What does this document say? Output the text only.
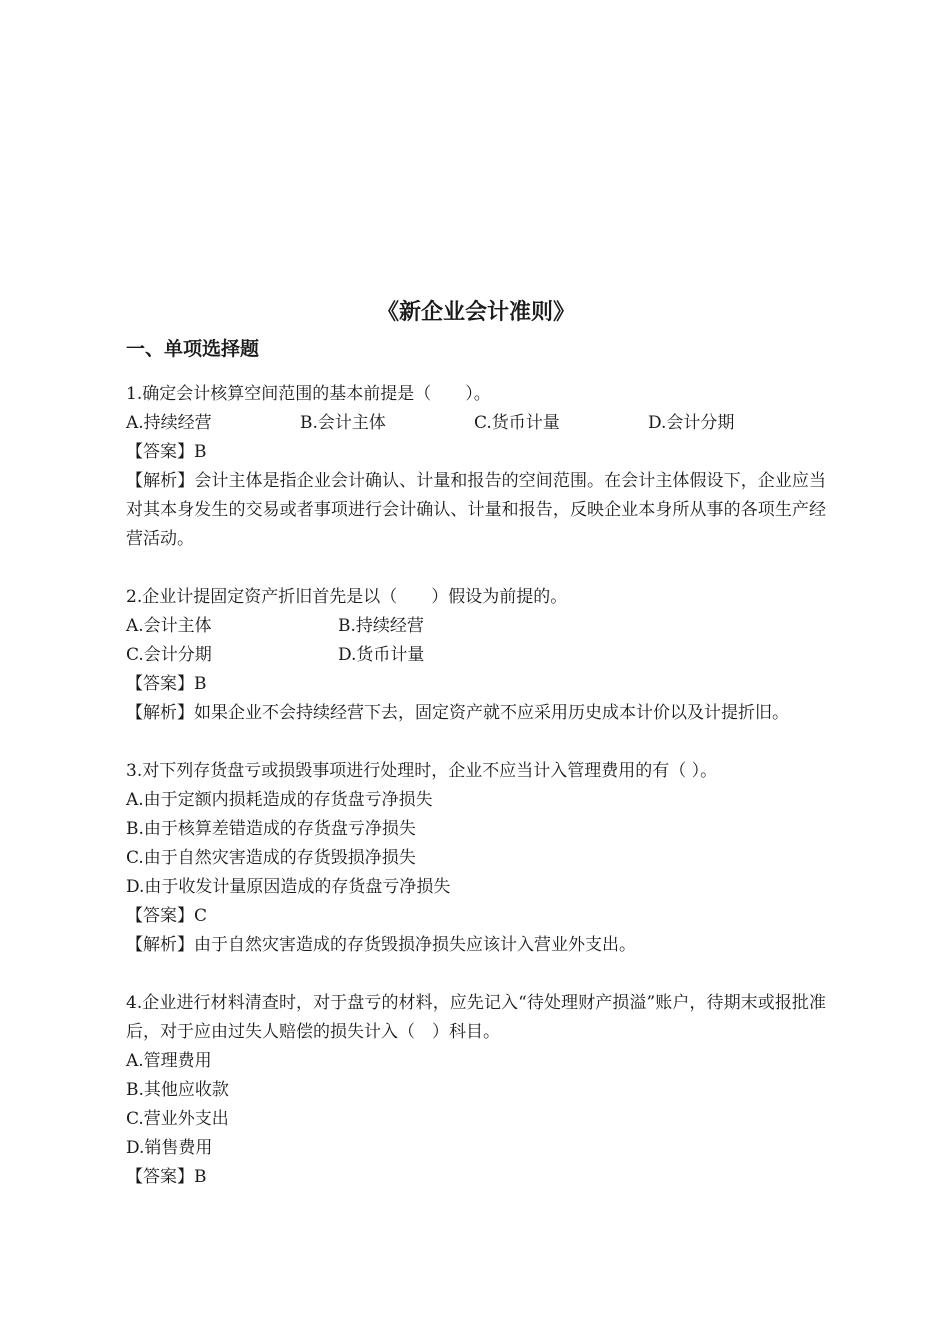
《新企业会计准则》
一、单项选择题
1.确定会计核算空间范围的基本前提是（　　）。
A.持续经营	B.会计主体	C.货币计量	D.会计分期
【答案】B

【解析】会计主体是指企业会计确认、计量和报告的空间范围。在会计主体假设下，企业应当对其本身发生的交易或者事项进行会计确认、计量和报告，反映企业本身所从事的各项生产经营活动。

2.企业计提固定资产折旧首先是以（　　）假设为前提的。
A.会计主体	B.持续经营
C.会计分期	D.货币计量
【答案】B

【解析】如果企业不会持续经营下去，固定资产就不应采用历史成本计价以及计提折旧。

3.对下列存货盘亏或损毁事项进行处理时，企业不应当计入管理费用的有（ ）。
A.由于定额内损耗造成的存货盘亏净损失
B.由于核算差错造成的存货盘亏净损失
C.由于自然灾害造成的存货毁损净损失
D.由于收发计量原因造成的存货盘亏净损失
【答案】C

【解析】由于自然灾害造成的存货毁损净损失应该计入营业外支出。

4.企业进行材料清查时，对于盘亏的材料，应先记入“待处理财产损溢”账户，待期末或报批准后，对于应由过失人赔偿的损失计入（　）科目。

A.管理费用
B.其他应收款
C.营业外支出
D.销售费用
【答案】B
